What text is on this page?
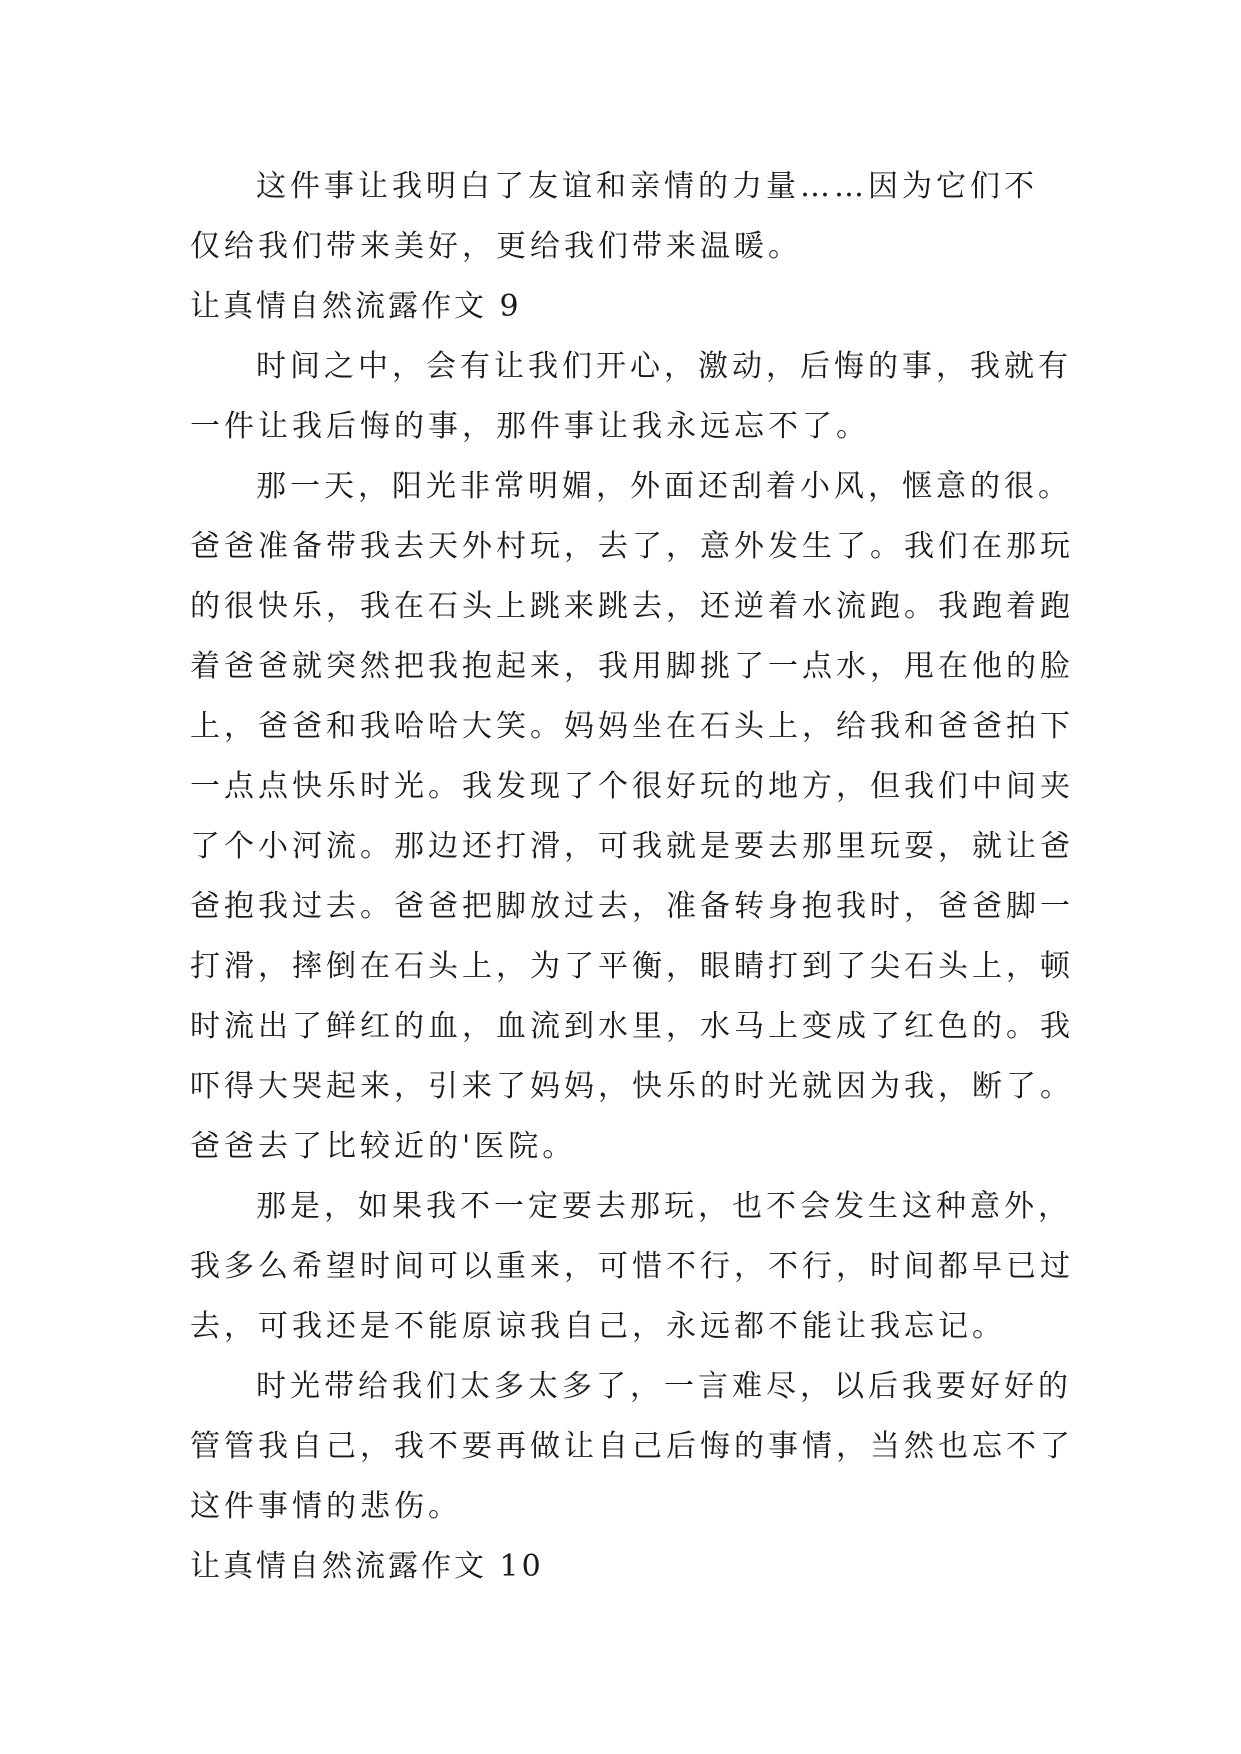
这件事让我明白了友谊和亲情的力量……因为它们不
仅给我们带来美好，更给我们带来温暖。
让真情自然流露作文 9
时间之中，会有让我们开心，激动，后悔的事，我就有
一件让我后悔的事，那件事让我永远忘不了。
那一天，阳光非常明媚，外面还刮着小风，惬意的很。
爸爸准备带我去天外村玩，去了，意外发生了。我们在那玩
的很快乐，我在石头上跳来跳去，还逆着水流跑。我跑着跑
着爸爸就突然把我抱起来，我用脚挑了一点水，甩在他的脸
上，爸爸和我哈哈大笑。妈妈坐在石头上，给我和爸爸拍下
一点点快乐时光。我发现了个很好玩的地方，但我们中间夹
了个小河流。那边还打滑，可我就是要去那里玩耍，就让爸
爸抱我过去。爸爸把脚放过去，准备转身抱我时，爸爸脚一
打滑，摔倒在石头上，为了平衡，眼睛打到了尖石头上，顿
时流出了鲜红的血，血流到水里，水马上变成了红色的。我
吓得大哭起来，引来了妈妈，快乐的时光就因为我，断了。
爸爸去了比较近的'医院。
那是，如果我不一定要去那玩，也不会发生这种意外，
我多么希望时间可以重来，可惜不行，不行，时间都早已过
去，可我还是不能原谅我自己，永远都不能让我忘记。
时光带给我们太多太多了，一言难尽，以后我要好好的
管管我自己，我不要再做让自己后悔的事情，当然也忘不了
这件事情的悲伤。
让真情自然流露作文 10
